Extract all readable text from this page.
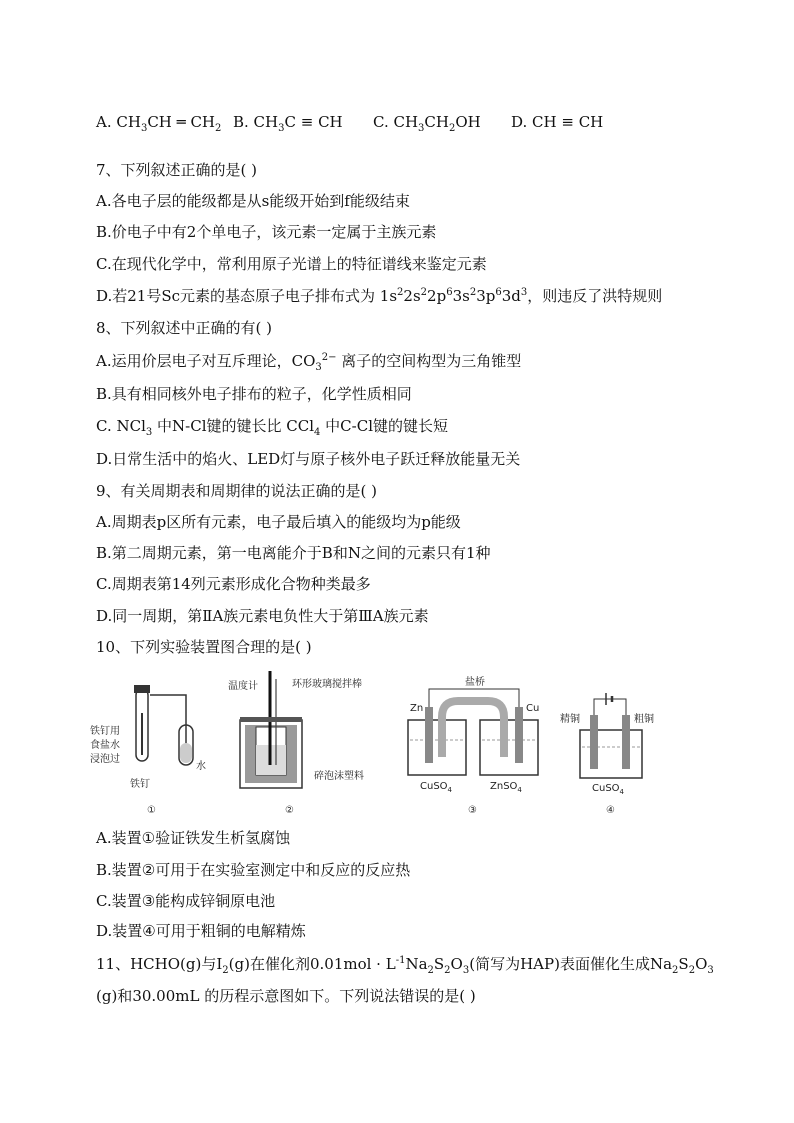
A. $CH_3CH$ ═ $CH_2$ B. $CH_3C$ ≡ CH C. $CH_3CH_2OH$ D. CH ≡ CH
7、下列叙述正确的是( )
A.各电子层的能级都是从s能级开始到f能级结束
B.价电子中有2个单电子，该元素一定属于主族元素
C.在现代化学中，常利用原子光谱上的特征谱线来鉴定元素
D.若21号Sc元素的基态原子电子排布式为 $1s^22s^22p^63s^23p^63d^3$，则违反了洪特规则
8、下列叙述中正确的有( )
A.运用价层电子对互斥理论，$CO_3^{2-}$ 离子的空间构型为三角锥型
B.具有相同核外电子排布的粒子，化学性质相同
C. NCl$_3$ 中N-Cl键的键长比 CCl$_4$ 中C-Cl键的键长短
D.日常生活中的焰火、LED灯与原子核外电子跃迁释放能量无关
9、有关周期表和周期律的说法正确的是( )
A.周期表p区所有元素，电子最后填入的能级均为p能级
B.第二周期元素，第一电离能介于B和N之间的元素只有1种
C.周期表第14列元素形成化合物种类最多
D.同一周期，第ⅡA族元素电负性大于第ⅢA族元素
10、下列实验装置图合理的是( )
铁钉用
食盐水
浸泡过
铁钉
水
①
温度计	环形玻璃搅拌棒
碎泡沫塑料
②
盐桥
Zn	Cu
CuSO$_4$	ZnSO$_4$
③
精铜	粗铜
CuSO$_4$
④
A.装置①验证铁发生析氢腐蚀
B.装置②可用于在实验室测定中和反应的反应热
C.装置③能构成锌铜原电池
D.装置④可用于粗铜的电解精炼
11、HCHO(g)与$I_2(g)$在催化剂$0.01mol \cdot L^{-1}Na_2S_2O_3$(简写为HAP)表面催化生成$Na_2S_2O_3$
(g)和30.00mL 的历程示意图如下。下列说法错误的是( )
